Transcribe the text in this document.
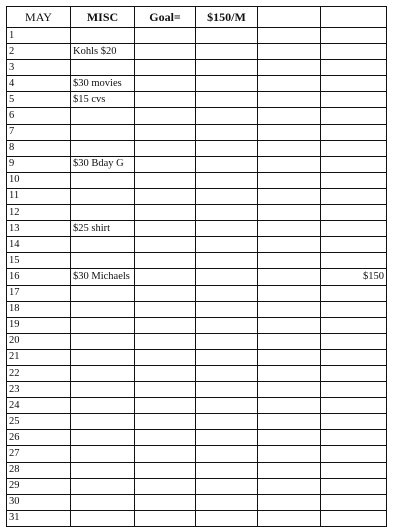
MAY	MISC	Goal=	$150/M		
1					
2	Kohls $20				
3					
4	$30 movies				
5	$15 cvs				
6					
7					
8					
9	$30 Bday G				
10					
11					
12					
13	$25 shirt				
14					
15					
16	$30 Michaels				$150
17					
18					
19					
20					
21					
22					
23					
24					
25					
26					
27					
28					
29					
30					
31					
